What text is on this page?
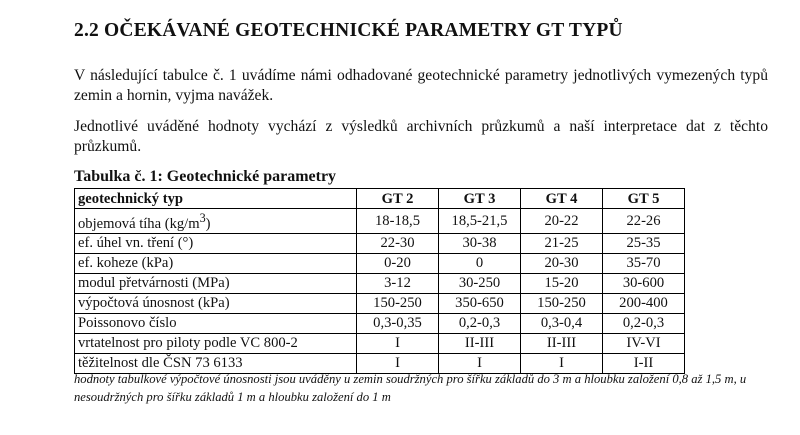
2.2 OČEKÁVANÉ GEOTECHNICKÉ PARAMETRY GT TYPŮ

V následující tabulce č. 1 uvádíme námi odhadované geotechnické parametry jednotlivých vymezených typů zemin a hornin, vyjma navážek.

Jednotlivé uváděné hodnoty vychází z výsledků archivních průzkumů a naší interpretace dat z těchto průzkumů.

Tabulka č. 1: Geotechnické parametry

geotechnický typ	GT 2	GT 3	GT 4	GT 5
objemová tíha $(kg/m^3)$	18-18,5	18,5-21,5	20-22	22-26
ef. úhel vn. tření (°)	22-30	30-38	21-25	25-35
ef. koheze (kPa)	0-20	0	20-30	35-70
modul přetvárnosti (MPa)	3-12	30-250	15-20	30-600
výpočtová únosnost (kPa)	150-250	350-650	150-250	200-400
Poissonovo číslo	0,3-0,35	0,2-0,3	0,3-0,4	0,2-0,3
vrtatelnost pro piloty podle VC 800-2	I	II-III	II-III	IV-VI
těžitelnost dle ČSN 73 6133	I	I	I	I-II

hodnoty tabulkové výpočtové únosnosti jsou uváděny u zemin soudržných pro šířku základů do 3 m a hloubku založení 0,8 až 1,5 m, u nesoudržných pro šířku základů 1 m a hloubku založení do 1 m
